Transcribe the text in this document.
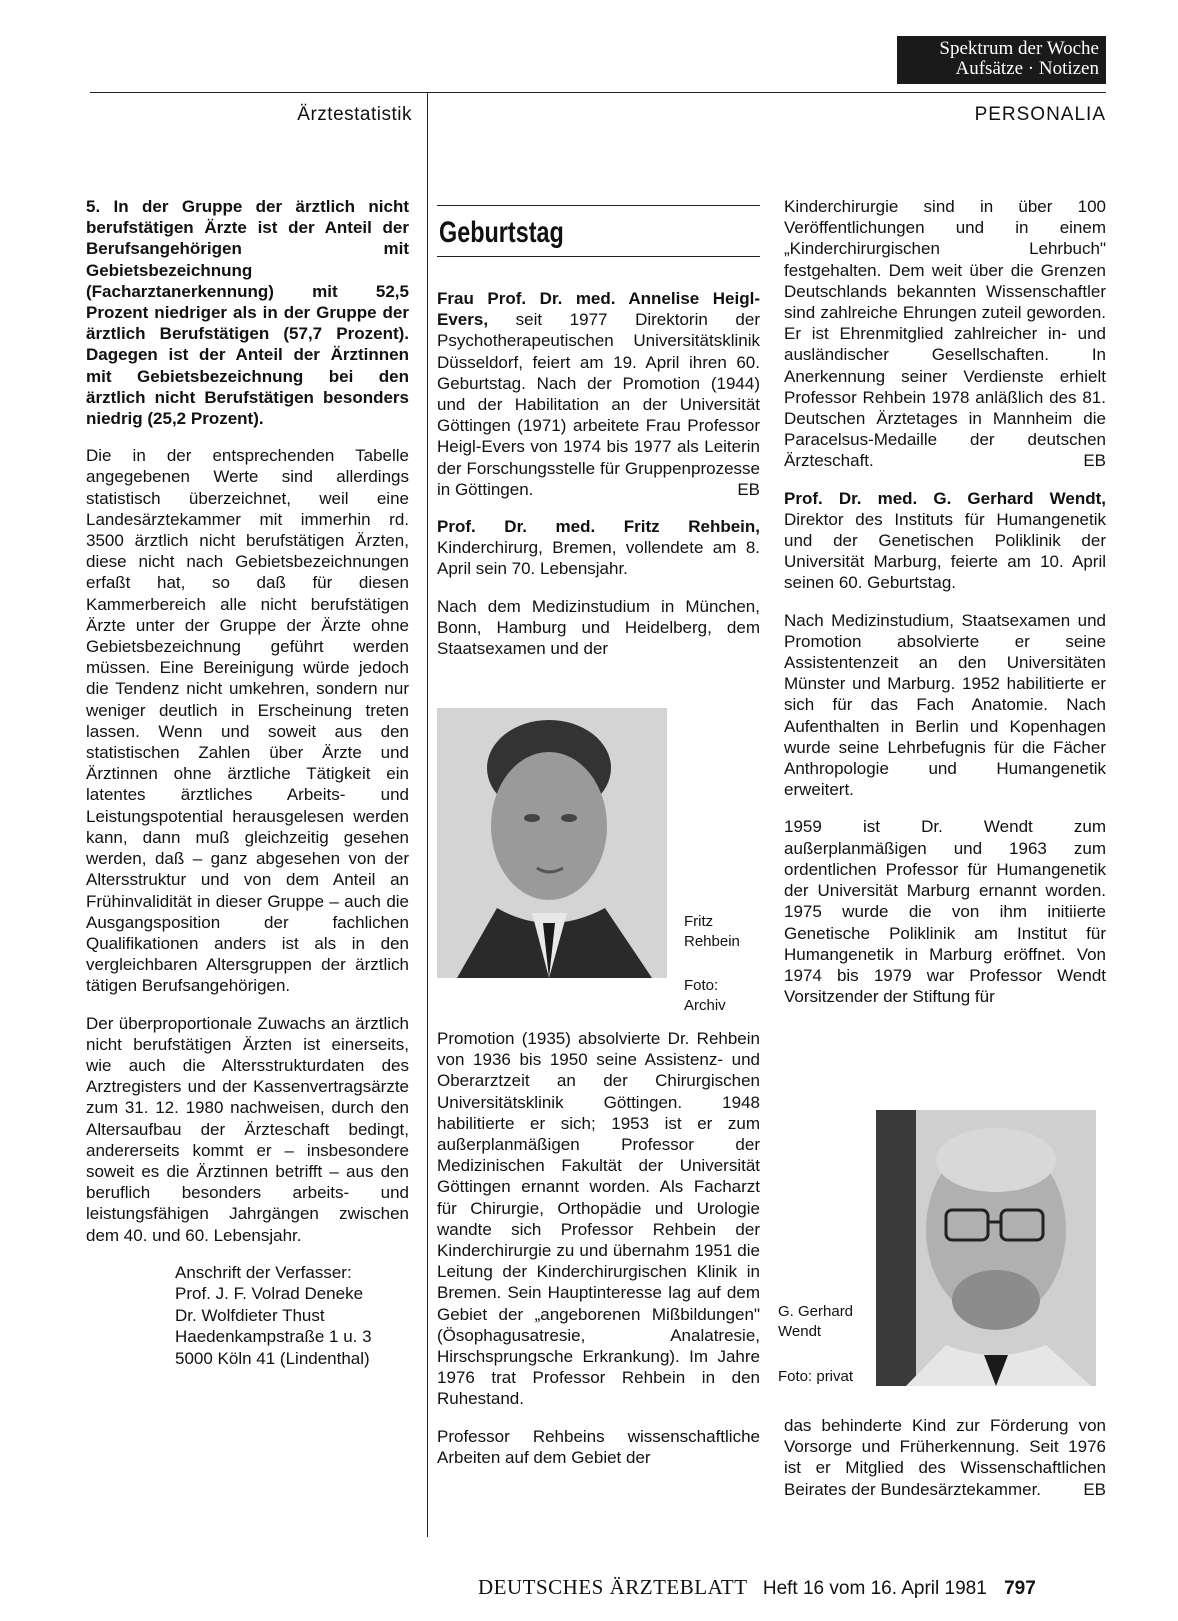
Spektrum der Woche
Aufsätze · Notizen
Ärztestatistik	PERSONALIA

5. In der Gruppe der ärztlich nicht berufstätigen Ärzte ist der Anteil der Berufsangehörigen mit Gebietsbezeichnung (Facharztanerkennung) mit 52,5 Prozent niedriger als in der Gruppe der ärztlich Berufstätigen (57,7 Prozent). Dagegen ist der Anteil der Ärztinnen mit Gebietsbezeichnung bei den ärztlich nicht Berufstätigen besonders niedrig (25,2 Prozent).

Die in der entsprechenden Tabelle angegebenen Werte sind allerdings statistisch überzeichnet, weil eine Landesärztekammer mit immerhin rd. 3500 ärztlich nicht berufstätigen Ärzten, diese nicht nach Gebietsbezeichnungen erfaßt hat, so daß für diesen Kammerbereich alle nicht berufstätigen Ärzte unter der Gruppe der Ärzte ohne Gebietsbezeichnung geführt werden müssen. Eine Bereinigung würde jedoch die Tendenz nicht umkehren, sondern nur weniger deutlich in Erscheinung treten lassen. Wenn und soweit aus den statistischen Zahlen über Ärzte und Ärztinnen ohne ärztliche Tätigkeit ein latentes ärztliches Arbeits- und Leistungspotential herausgelesen werden kann, dann muß gleichzeitig gesehen werden, daß – ganz abgesehen von der Altersstruktur und von dem Anteil an Frühinvalidität in dieser Gruppe – auch die Ausgangsposition der fachlichen Qualifikationen anders ist als in den vergleichbaren Altersgruppen der ärztlich tätigen Berufsangehörigen.

Der überproportionale Zuwachs an ärztlich nicht berufstätigen Ärzten ist einerseits, wie auch die Altersstrukturdaten des Arztregisters und der Kassenvertragsärzte zum 31. 12. 1980 nachweisen, durch den Altersaufbau der Ärzteschaft bedingt, andererseits kommt er – insbesondere soweit es die Ärztinnen betrifft – aus den beruflich besonders arbeits- und leistungsfähigen Jahrgängen zwischen dem 40. und 60. Lebensjahr.

Anschrift der Verfasser:
Prof. J. F. Volrad Deneke
Dr. Wolfdieter Thust
Haedenkampstraße 1 u. 3
5000 Köln 41 (Lindenthal)
Geburtstag

Frau Prof. Dr. med. Annelise Heigl-Evers, seit 1977 Direktorin der Psychotherapeutischen Universitätsklinik Düsseldorf, feiert am 19. April ihren 60. Geburtstag. Nach der Promotion (1944) und der Habilitation an der Universität Göttingen (1971) arbeitete Frau Professor Heigl-Evers von 1974 bis 1977 als Leiterin der Forschungsstelle für Gruppenprozesse in Göttingen.	EB

Prof. Dr. med. Fritz Rehbein, Kinderchirurg, Bremen, vollendete am 8. April sein 70. Lebensjahr.

Nach dem Medizinstudium in München, Bonn, Hamburg und Heidelberg, dem Staatsexamen und der

Fritz Rehbein
Foto: Archiv

Promotion (1935) absolvierte Dr. Rehbein von 1936 bis 1950 seine Assistenz- und Oberarztzeit an der Chirurgischen Universitätsklinik Göttingen. 1948 habilitierte er sich; 1953 ist er zum außerplanmäßigen Professor der Medizinischen Fakultät der Universität Göttingen ernannt worden. Als Facharzt für Chirurgie, Orthopädie und Urologie wandte sich Professor Rehbein der Kinderchirurgie zu und übernahm 1951 die Leitung der Kinderchirurgischen Klinik in Bremen. Sein Hauptinteresse lag auf dem Gebiet der „angeborenen Mißbildungen" (Ösophagusatresie, Analatresie, Hirschsprungsche Erkrankung). Im Jahre 1976 trat Professor Rehbein in den Ruhestand.

Professor Rehbeins wissenschaftliche Arbeiten auf dem Gebiet der

Kinderchirurgie sind in über 100 Veröffentlichungen und in einem „Kinderchirurgischen Lehrbuch" festgehalten. Dem weit über die Grenzen Deutschlands bekannten Wissenschaftler sind zahlreiche Ehrungen zuteil geworden. Er ist Ehrenmitglied zahlreicher in- und ausländischer Gesellschaften. In Anerkennung seiner Verdienste erhielt Professor Rehbein 1978 anläßlich des 81. Deutschen Ärztetages in Mannheim die Paracelsus-Medaille der deutschen Ärzteschaft.	EB

Prof. Dr. med. G. Gerhard Wendt, Direktor des Instituts für Humangenetik und der Genetischen Poliklinik der Universität Marburg, feierte am 10. April seinen 60. Geburtstag.

Nach Medizinstudium, Staatsexamen und Promotion absolvierte er seine Assistentenzeit an den Universitäten Münster und Marburg. 1952 habilitierte er sich für das Fach Anatomie. Nach Aufenthalten in Berlin und Kopenhagen wurde seine Lehrbefugnis für die Fächer Anthropologie und Humangenetik erweitert.

1959 ist Dr. Wendt zum außerplanmäßigen und 1963 zum ordentlichen Professor für Humangenetik der Universität Marburg ernannt worden. 1975 wurde die von ihm initiierte Genetische Poliklinik am Institut für Humangenetik in Marburg eröffnet. Von 1974 bis 1979 war Professor Wendt Vorsitzender der Stiftung für

G. Gerhard Wendt
Foto: privat

das behinderte Kind zur Förderung von Vorsorge und Früherkennung. Seit 1976 ist er Mitglied des Wissenschaftlichen Beirates der Bundesärztekammer. EB

DEUTSCHES ÄRZTEBLATT Heft 16 vom 16. April 1981 797
